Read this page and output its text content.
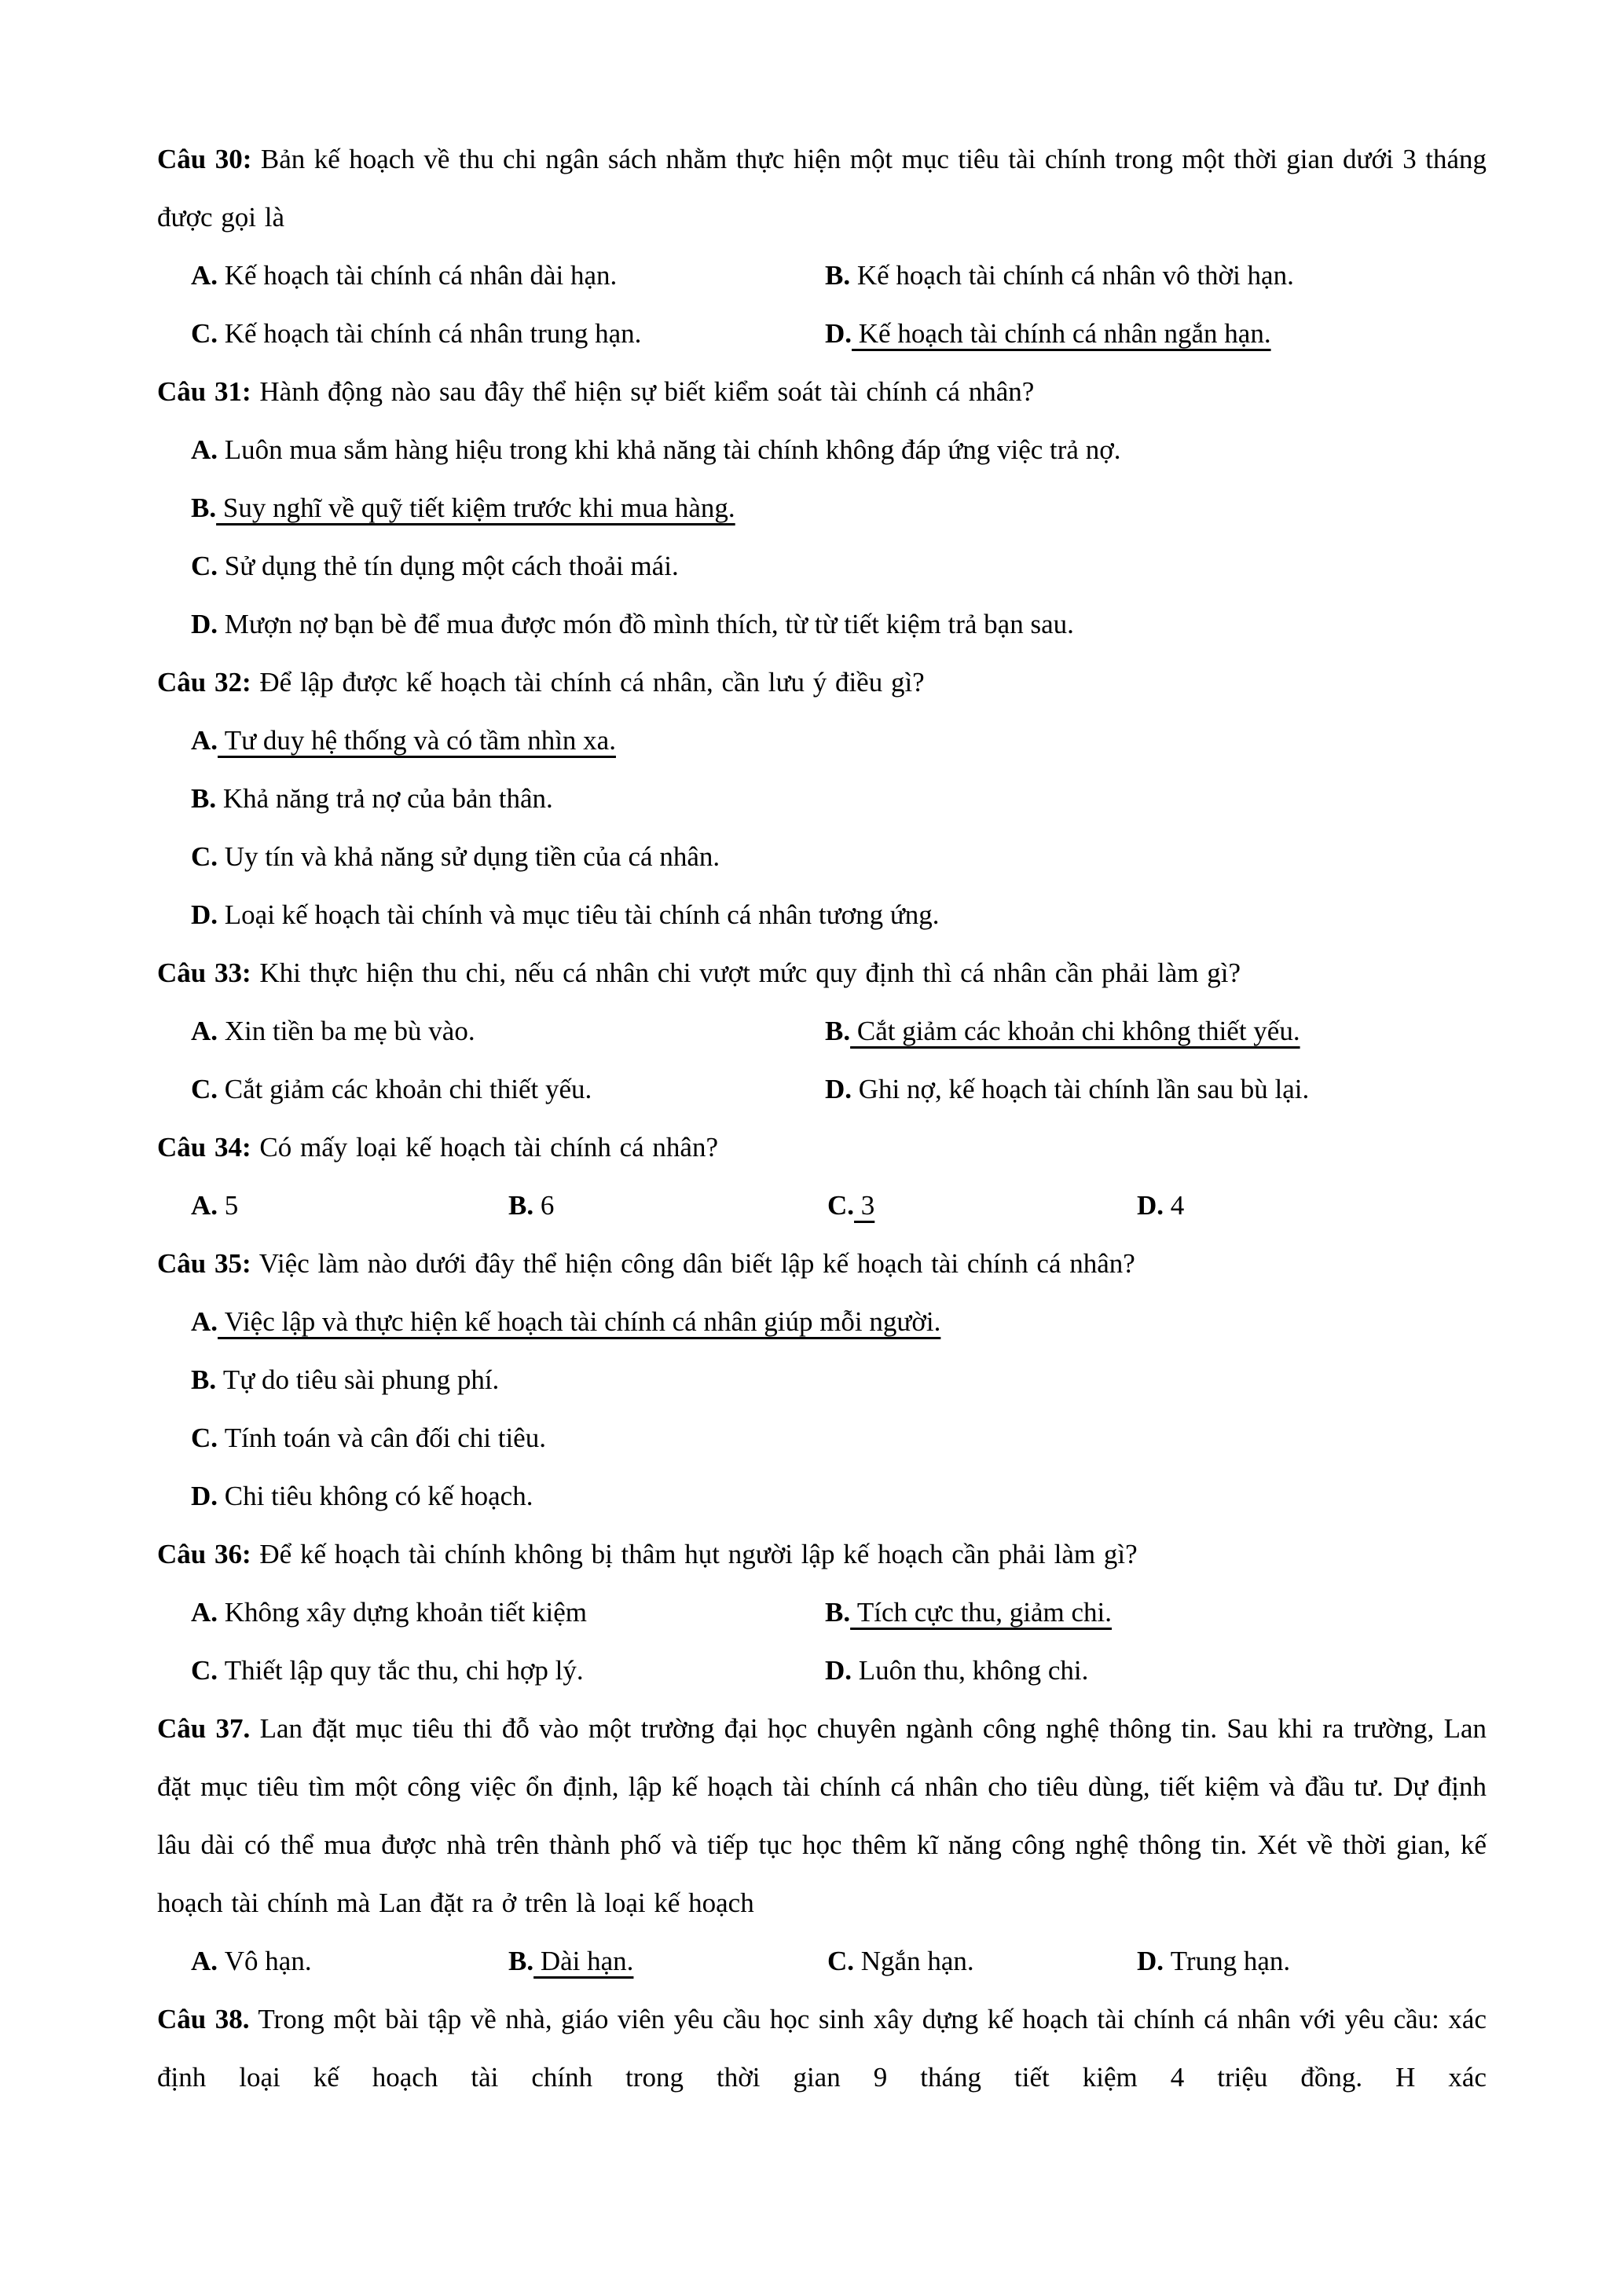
Câu 30: Bản kế hoạch về thu chi ngân sách nhằm thực hiện một mục tiêu tài chính trong một thời gian dưới 3 tháng được gọi là

A. Kế hoạch tài chính cá nhân dài hạn.	B. Kế hoạch tài chính cá nhân vô thời hạn.
C. Kế hoạch tài chính cá nhân trung hạn.	D. Kế hoạch tài chính cá nhân ngắn hạn.

Câu 31: Hành động nào sau đây thể hiện sự biết kiểm soát tài chính cá nhân?

A. Luôn mua sắm hàng hiệu trong khi khả năng tài chính không đáp ứng việc trả nợ.
B. Suy nghĩ về quỹ tiết kiệm trước khi mua hàng.
C. Sử dụng thẻ tín dụng một cách thoải mái.
D. Mượn nợ bạn bè để mua được món đồ mình thích, từ từ tiết kiệm trả bạn sau.

Câu 32: Để lập được kế hoạch tài chính cá nhân, cần lưu ý điều gì?

A. Tư duy hệ thống và có tầm nhìn xa.
B. Khả năng trả nợ của bản thân.
C. Uy tín và khả năng sử dụng tiền của cá nhân.
D. Loại kế hoạch tài chính và mục tiêu tài chính cá nhân tương ứng.

Câu 33: Khi thực hiện thu chi, nếu cá nhân chi vượt mức quy định thì cá nhân cần phải làm gì?

A. Xin tiền ba mẹ bù vào.	B. Cắt giảm các khoản chi không thiết yếu.
C. Cắt giảm các khoản chi thiết yếu.	D. Ghi nợ, kế hoạch tài chính lần sau bù lại.

Câu 34: Có mấy loại kế hoạch tài chính cá nhân?

A. 5	B. 6	C. 3	D. 4

Câu 35: Việc làm nào dưới đây thể hiện công dân biết lập kế hoạch tài chính cá nhân?

A. Việc lập và thực hiện kế hoạch tài chính cá nhân giúp mỗi người.
B. Tự do tiêu sài phung phí.
C. Tính toán và cân đối chi tiêu.
D. Chi tiêu không có kế hoạch.

Câu 36: Để kế hoạch tài chính không bị thâm hụt người lập kế hoạch cần phải làm gì?

A. Không xây dựng khoản tiết kiệm	B. Tích cực thu, giảm chi.
C. Thiết lập quy tắc thu, chi hợp lý.	D. Luôn thu, không chi.

Câu 37. Lan đặt mục tiêu thi đỗ vào một trường đại học chuyên ngành công nghệ thông tin. Sau khi ra trường, Lan đặt mục tiêu tìm một công việc ổn định, lập kế hoạch tài chính cá nhân cho tiêu dùng, tiết kiệm và đầu tư. Dự định lâu dài có thể mua được nhà trên thành phố và tiếp tục học thêm kĩ năng công nghệ thông tin. Xét về thời gian, kế hoạch tài chính mà Lan đặt ra ở trên là loại kế hoạch

A. Vô hạn.	B. Dài hạn.	C. Ngắn hạn.	D. Trung hạn.

Câu 38. Trong một bài tập về nhà, giáo viên yêu cầu học sinh xây dựng kế hoạch tài chính cá nhân với yêu cầu: xác định loại kế hoạch tài chính trong thời gian 9 tháng tiết kiệm 4 triệu đồng. H xác
